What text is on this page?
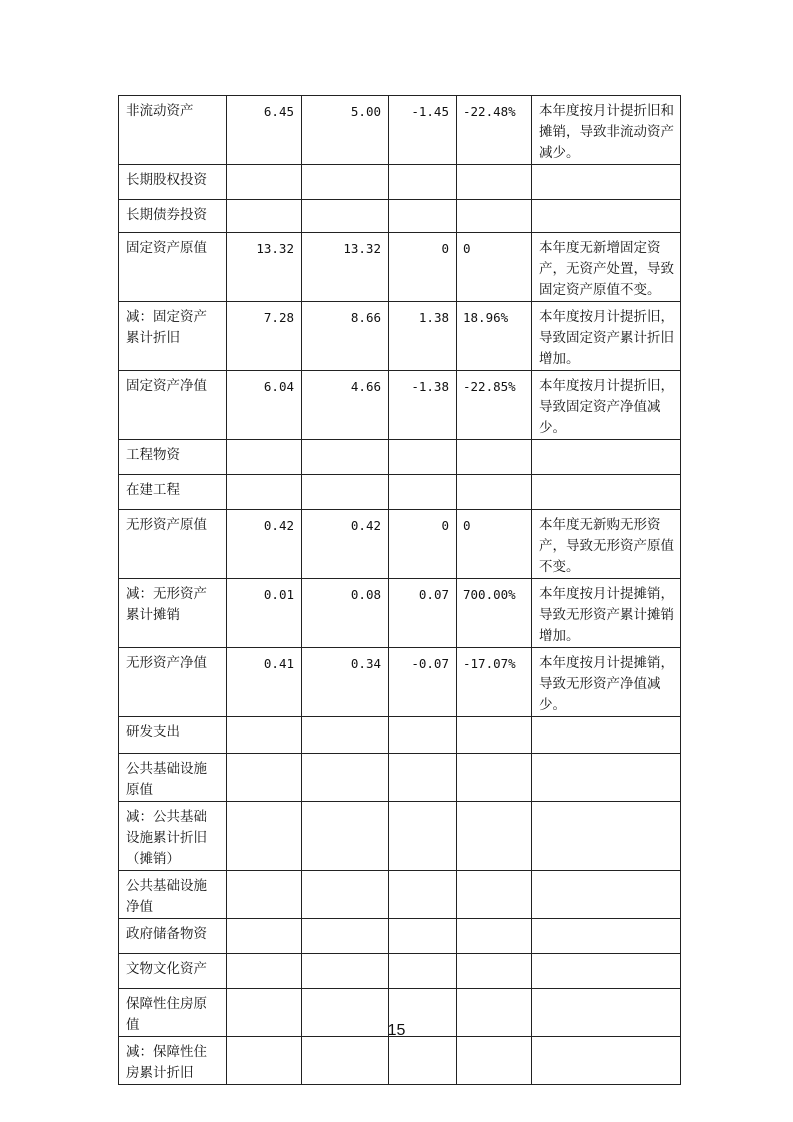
非流动资产	6.45	5.00	-1.45	-22.48%	本年度按月计提折旧和摊销，导致非流动资产减少。
长期股权投资					
长期债券投资					
固定资产原值	13.32	13.32	0	0	本年度无新增固定资产，无资产处置，导致固定资产原值不变。
减：固定资产累计折旧	7.28	8.66	1.38	18.96%	本年度按月计提折旧，导致固定资产累计折旧增加。
固定资产净值	6.04	4.66	-1.38	-22.85%	本年度按月计提折旧，导致固定资产净值减少。
工程物资					
在建工程					
无形资产原值	0.42	0.42	0	0	本年度无新购无形资产，导致无形资产原值不变。
减：无形资产累计摊销	0.01	0.08	0.07	700.00%	本年度按月计提摊销，导致无形资产累计摊销增加。
无形资产净值	0.41	0.34	-0.07	-17.07%	本年度按月计提摊销，导致无形资产净值减少。
研发支出					
公共基础设施原值					
减：公共基础设施累计折旧（摊销）					
公共基础设施净值					
政府储备物资					
文物文化资产					
保障性住房原值					
减：保障性住房累计折旧					
15
